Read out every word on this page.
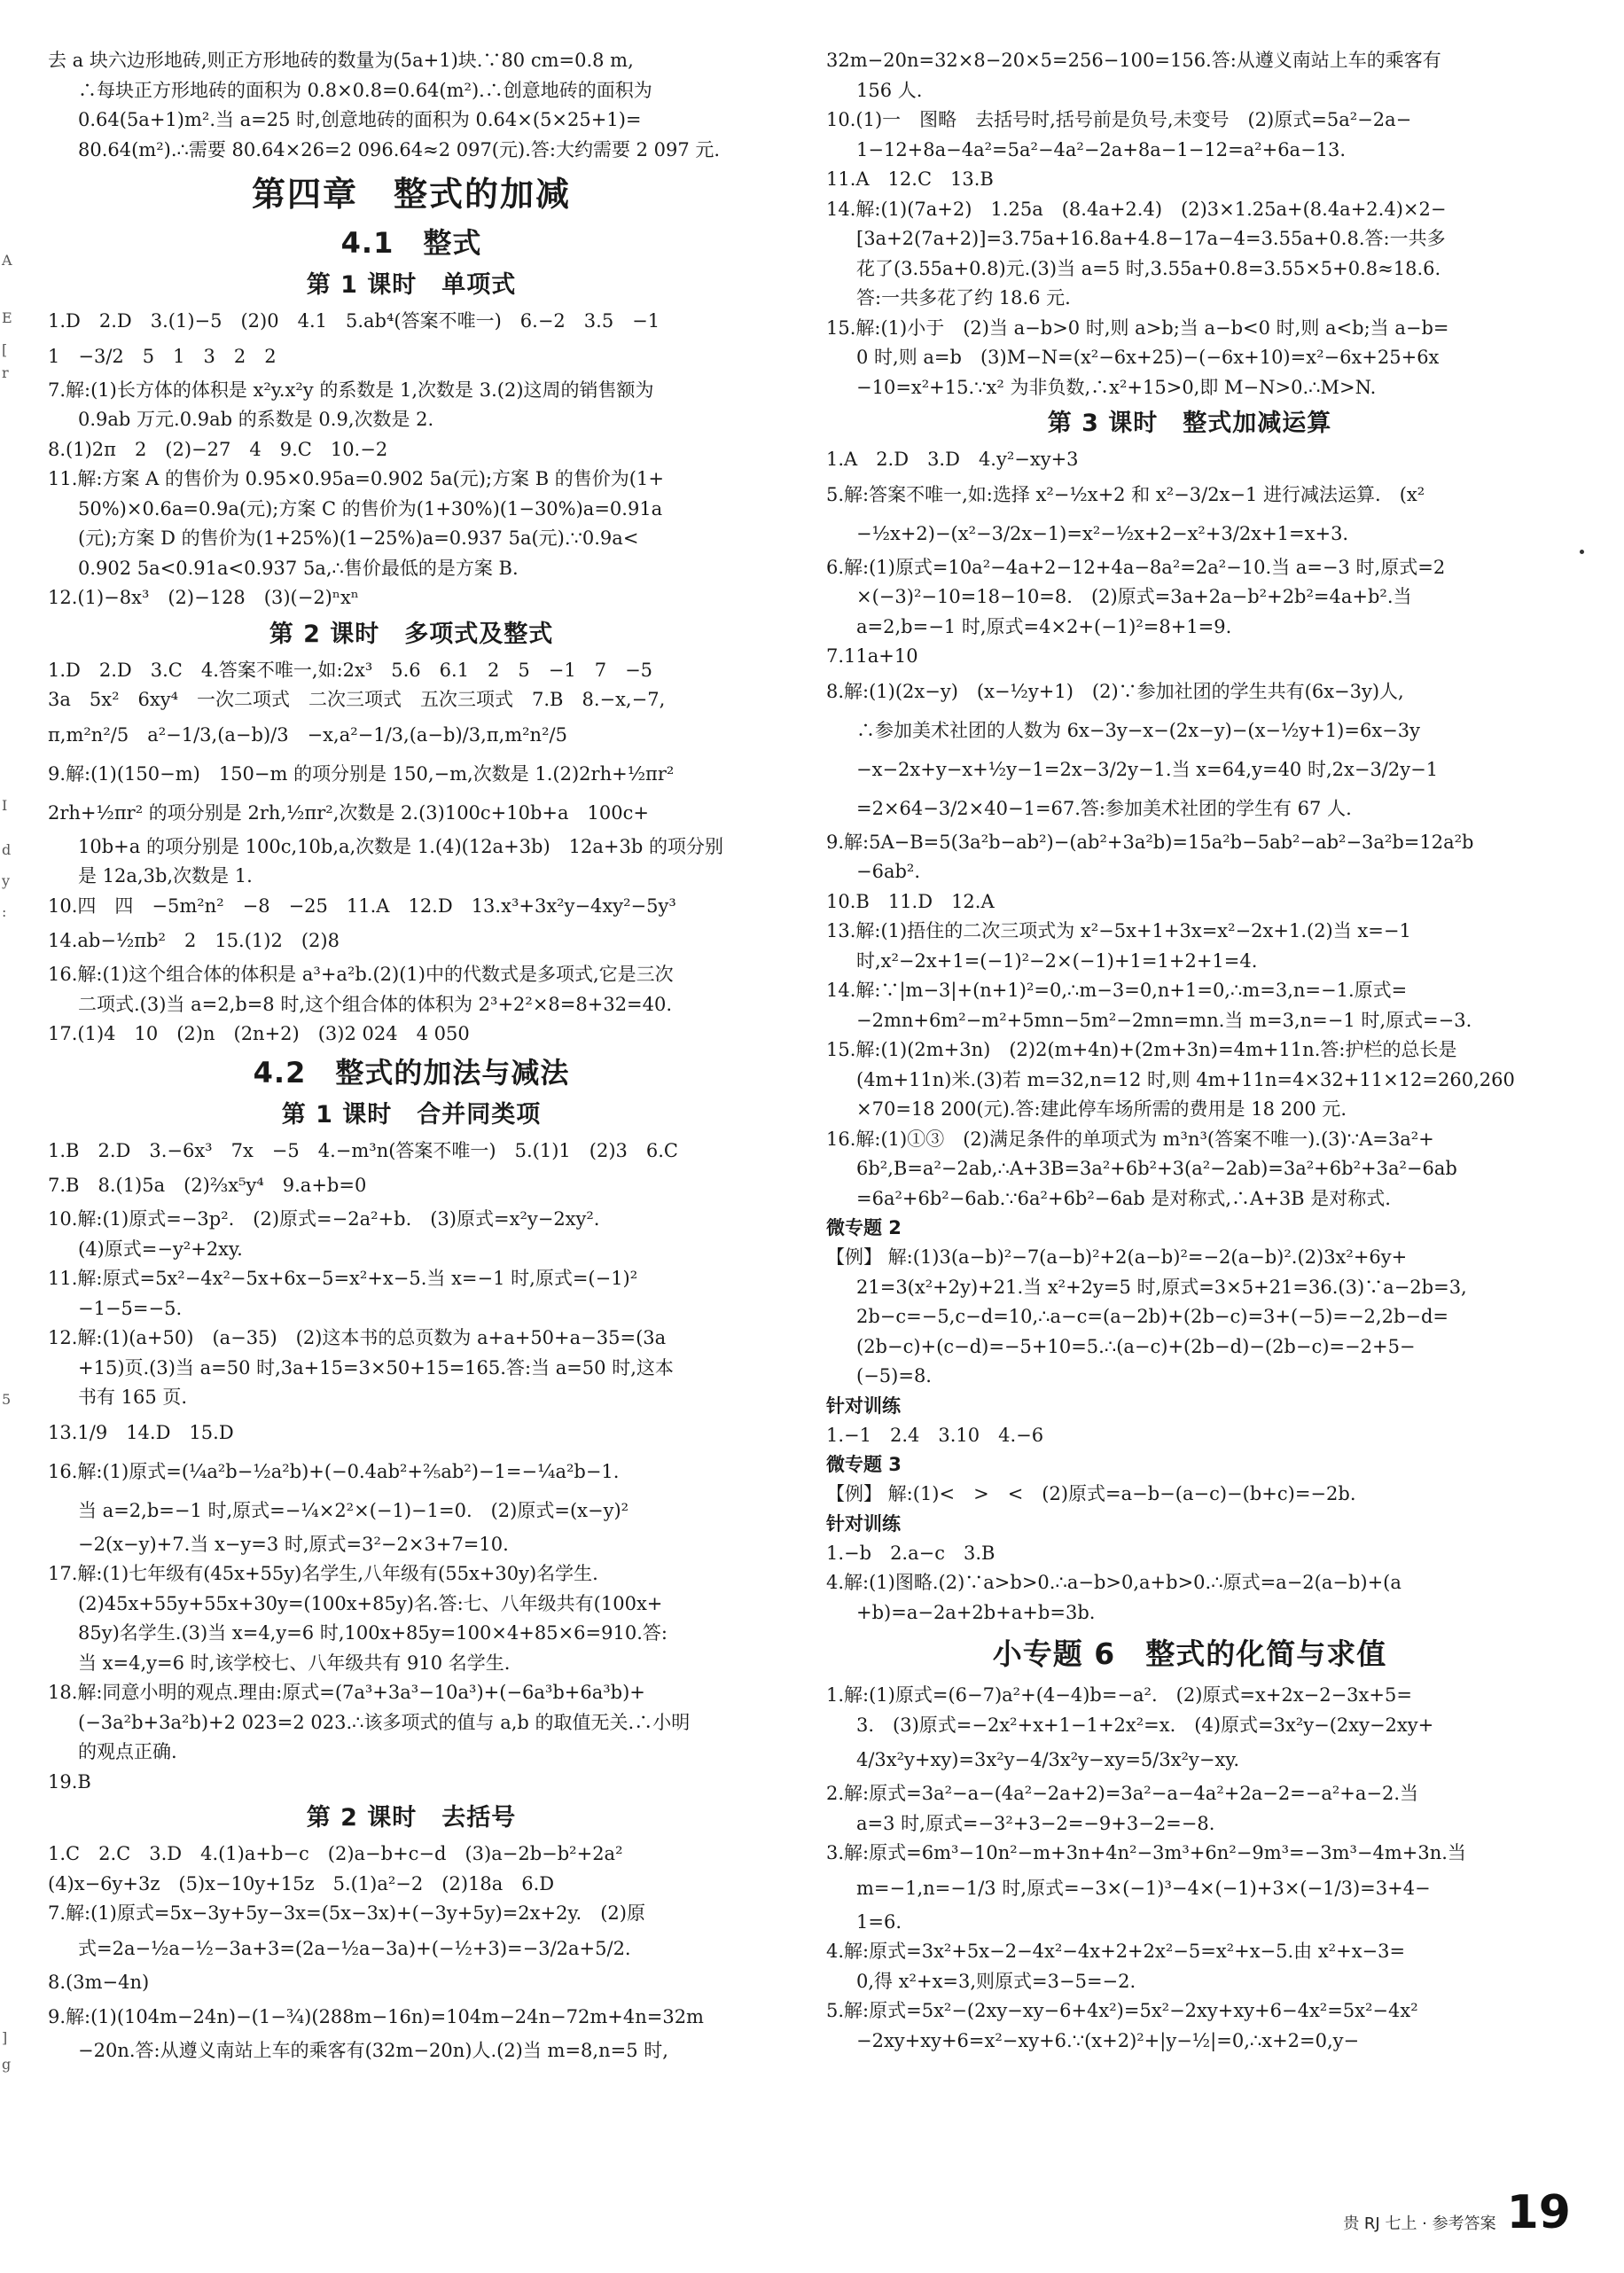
A
E
[
r
I
d
y
:
5
]
g
去 a 块六边形地砖,则正方形地砖的数量为(5a+1)块.∵80 cm=0.8 m,
∴每块正方形地砖的面积为 0.8×0.8=0.64(m²).∴创意地砖的面积为
0.64(5a+1)m².当 a=25 时,创意地砖的面积为 0.64×(5×25+1)=
80.64(m²).∴需要 80.64×26=2 096.64≈2 097(元).答:大约需要 2 097 元.
第四章　整式的加减
4.1　整式
第 1 课时　单项式
1.D　2.D　3.(1)−5　(2)0　4.1　5.ab⁴(答案不唯一)　6.−2　3.5　−1
1　−3/2　5　1　3　2　2
7.解:(1)长方体的体积是 x²y.x²y 的系数是 1,次数是 3.(2)这周的销售额为
0.9ab 万元.0.9ab 的系数是 0.9,次数是 2.
8.(1)2π　2　(2)−27　4　9.C　10.−2
11.解:方案 A 的售价为 0.95×0.95a=0.902 5a(元);方案 B 的售价为(1+
50%)×0.6a=0.9a(元);方案 C 的售价为(1+30%)(1−30%)a=0.91a
(元);方案 D 的售价为(1+25%)(1−25%)a=0.937 5a(元).∵0.9a<
0.902 5a<0.91a<0.937 5a,∴售价最低的是方案 B.
12.(1)−8x³　(2)−128　(3)(−2)ⁿxⁿ
第 2 课时　多项式及整式
1.D　2.D　3.C　4.答案不唯一,如:2x³　5.6　6.1　2　5　−1　7　−5
3a　5x²　6xy⁴　一次二项式　二次三项式　五次三项式　7.B　8.−x,−7,
π,m²n²/5　a²−1/3,(a−b)/3　−x,a²−1/3,(a−b)/3,π,m²n²/5
9.解:(1)(150−m)　150−m 的项分别是 150,−m,次数是 1.(2)2rh+½πr²
2rh+½πr² 的项分别是 2rh,½πr²,次数是 2.(3)100c+10b+a　100c+
10b+a 的项分别是 100c,10b,a,次数是 1.(4)(12a+3b)　12a+3b 的项分别
是 12a,3b,次数是 1.
10.四　四　−5m²n²　−8　−25　11.A　12.D　13.x³+3x²y−4xy²−5y³
14.ab−½πb²　2　15.(1)2　(2)8
16.解:(1)这个组合体的体积是 a³+a²b.(2)(1)中的代数式是多项式,它是三次
二项式.(3)当 a=2,b=8 时,这个组合体的体积为 2³+2²×8=8+32=40.
17.(1)4　10　(2)n　(2n+2)　(3)2 024　4 050
4.2　整式的加法与减法
第 1 课时　合并同类项
1.B　2.D　3.−6x³　7x　−5　4.−m³n(答案不唯一)　5.(1)1　(2)3　6.C
7.B　8.(1)5a　(2)⅔x⁵y⁴　9.a+b=0
10.解:(1)原式=−3p².　(2)原式=−2a²+b.　(3)原式=x²y−2xy².
(4)原式=−y²+2xy.
11.解:原式=5x²−4x²−5x+6x−5=x²+x−5.当 x=−1 时,原式=(−1)²
−1−5=−5.
12.解:(1)(a+50)　(a−35)　(2)这本书的总页数为 a+a+50+a−35=(3a
+15)页.(3)当 a=50 时,3a+15=3×50+15=165.答:当 a=50 时,这本
书有 165 页.
13.1/9　14.D　15.D
16.解:(1)原式=(¼a²b−½a²b)+(−0.4ab²+⅖ab²)−1=−¼a²b−1.
当 a=2,b=−1 时,原式=−¼×2²×(−1)−1=0.　(2)原式=(x−y)²
−2(x−y)+7.当 x−y=3 时,原式=3²−2×3+7=10.
17.解:(1)七年级有(45x+55y)名学生,八年级有(55x+30y)名学生.
(2)45x+55y+55x+30y=(100x+85y)名.答:七、八年级共有(100x+
85y)名学生.(3)当 x=4,y=6 时,100x+85y=100×4+85×6=910.答:
当 x=4,y=6 时,该学校七、八年级共有 910 名学生.
18.解:同意小明的观点.理由:原式=(7a³+3a³−10a³)+(−6a³b+6a³b)+
(−3a²b+3a²b)+2 023=2 023.∴该多项式的值与 a,b 的取值无关.∴小明
的观点正确.
19.B
第 2 课时　去括号
1.C　2.C　3.D　4.(1)a+b−c　(2)a−b+c−d　(3)a−2b−b²+2a²
(4)x−6y+3z　(5)x−10y+15z　5.(1)a²−2　(2)18a　6.D
7.解:(1)原式=5x−3y+5y−3x=(5x−3x)+(−3y+5y)=2x+2y.　(2)原
式=2a−½a−½−3a+3=(2a−½a−3a)+(−½+3)=−3/2a+5/2.
8.(3m−4n)
9.解:(1)(104m−24n)−(1−¾)(288m−16n)=104m−24n−72m+4n=32m
−20n.答:从遵义南站上车的乘客有(32m−20n)人.(2)当 m=8,n=5 时,
32m−20n=32×8−20×5=256−100=156.答:从遵义南站上车的乘客有
156 人.
10.(1)一　图略　去括号时,括号前是负号,未变号　(2)原式=5a²−2a−
1−12+8a−4a²=5a²−4a²−2a+8a−1−12=a²+6a−13.
11.A　12.C　13.B
14.解:(1)(7a+2)　1.25a　(8.4a+2.4)　(2)3×1.25a+(8.4a+2.4)×2−
[3a+2(7a+2)]=3.75a+16.8a+4.8−17a−4=3.55a+0.8.答:一共多
花了(3.55a+0.8)元.(3)当 a=5 时,3.55a+0.8=3.55×5+0.8≈18.6.
答:一共多花了约 18.6 元.
15.解:(1)小于　(2)当 a−b>0 时,则 a>b;当 a−b<0 时,则 a<b;当 a−b=
0 时,则 a=b　(3)M−N=(x²−6x+25)−(−6x+10)=x²−6x+25+6x
−10=x²+15.∵x² 为非负数,∴x²+15>0,即 M−N>0.∴M>N.
第 3 课时　整式加减运算
1.A　2.D　3.D　4.y²−xy+3
5.解:答案不唯一,如:选择 x²−½x+2 和 x²−3/2x−1 进行减法运算.　(x²
−½x+2)−(x²−3/2x−1)=x²−½x+2−x²+3/2x+1=x+3.
6.解:(1)原式=10a²−4a+2−12+4a−8a²=2a²−10.当 a=−3 时,原式=2
×(−3)²−10=18−10=8.　(2)原式=3a+2a−b²+2b²=4a+b².当
a=2,b=−1 时,原式=4×2+(−1)²=8+1=9.
7.11a+10
8.解:(1)(2x−y)　(x−½y+1)　(2)∵参加社团的学生共有(6x−3y)人,
∴参加美术社团的人数为 6x−3y−x−(2x−y)−(x−½y+1)=6x−3y
−x−2x+y−x+½y−1=2x−3/2y−1.当 x=64,y=40 时,2x−3/2y−1
=2×64−3/2×40−1=67.答:参加美术社团的学生有 67 人.
9.解:5A−B=5(3a²b−ab²)−(ab²+3a²b)=15a²b−5ab²−ab²−3a²b=12a²b
−6ab².
10.B　11.D　12.A
13.解:(1)捂住的二次三项式为 x²−5x+1+3x=x²−2x+1.(2)当 x=−1
时,x²−2x+1=(−1)²−2×(−1)+1=1+2+1=4.
14.解:∵|m−3|+(n+1)²=0,∴m−3=0,n+1=0,∴m=3,n=−1.原式=
−2mn+6m²−m²+5mn−5m²−2mn=mn.当 m=3,n=−1 时,原式=−3.
15.解:(1)(2m+3n)　(2)2(m+4n)+(2m+3n)=4m+11n.答:护栏的总长是
(4m+11n)米.(3)若 m=32,n=12 时,则 4m+11n=4×32+11×12=260,260
×70=18 200(元).答:建此停车场所需的费用是 18 200 元.
16.解:(1)①③　(2)满足条件的单项式为 m³n³(答案不唯一).(3)∵A=3a²+
6b²,B=a²−2ab,∴A+3B=3a²+6b²+3(a²−2ab)=3a²+6b²+3a²−6ab
=6a²+6b²−6ab.∵6a²+6b²−6ab 是对称式,∴A+3B 是对称式.
微专题 2
【例】 解:(1)3(a−b)²−7(a−b)²+2(a−b)²=−2(a−b)².(2)3x²+6y+
21=3(x²+2y)+21.当 x²+2y=5 时,原式=3×5+21=36.(3)∵a−2b=3,
2b−c=−5,c−d=10,∴a−c=(a−2b)+(2b−c)=3+(−5)=−2,2b−d=
(2b−c)+(c−d)=−5+10=5.∴(a−c)+(2b−d)−(2b−c)=−2+5−
(−5)=8.
针对训练
1.−1　2.4　3.10　4.−6
微专题 3
【例】 解:(1)<　>　<　(2)原式=a−b−(a−c)−(b+c)=−2b.
针对训练
1.−b　2.a−c　3.B
4.解:(1)图略.(2)∵a>b>0.∴a−b>0,a+b>0.∴原式=a−2(a−b)+(a
+b)=a−2a+2b+a+b=3b.
小专题 6　整式的化简与求值
1.解:(1)原式=(6−7)a²+(4−4)b=−a².　(2)原式=x+2x−2−3x+5=
3.　(3)原式=−2x²+x+1−1+2x²=x.　(4)原式=3x²y−(2xy−2xy+
4/3x²y+xy)=3x²y−4/3x²y−xy=5/3x²y−xy.
2.解:原式=3a²−a−(4a²−2a+2)=3a²−a−4a²+2a−2=−a²+a−2.当
a=3 时,原式=−3²+3−2=−9+3−2=−8.
3.解:原式=6m³−10n²−m+3n+4n²−3m³+6n²−9m³=−3m³−4m+3n.当
m=−1,n=−1/3 时,原式=−3×(−1)³−4×(−1)+3×(−1/3)=3+4−
1=6.
4.解:原式=3x²+5x−2−4x²−4x+2+2x²−5=x²+x−5.由 x²+x−3=
0,得 x²+x=3,则原式=3−5=−2.
5.解:原式=5x²−(2xy−xy−6+4x²)=5x²−2xy+xy+6−4x²=5x²−4x²
−2xy+xy+6=x²−xy+6.∵(x+2)²+|y−½|=0,∴x+2=0,y−
贵 RJ 七上 · 参考答案 19
